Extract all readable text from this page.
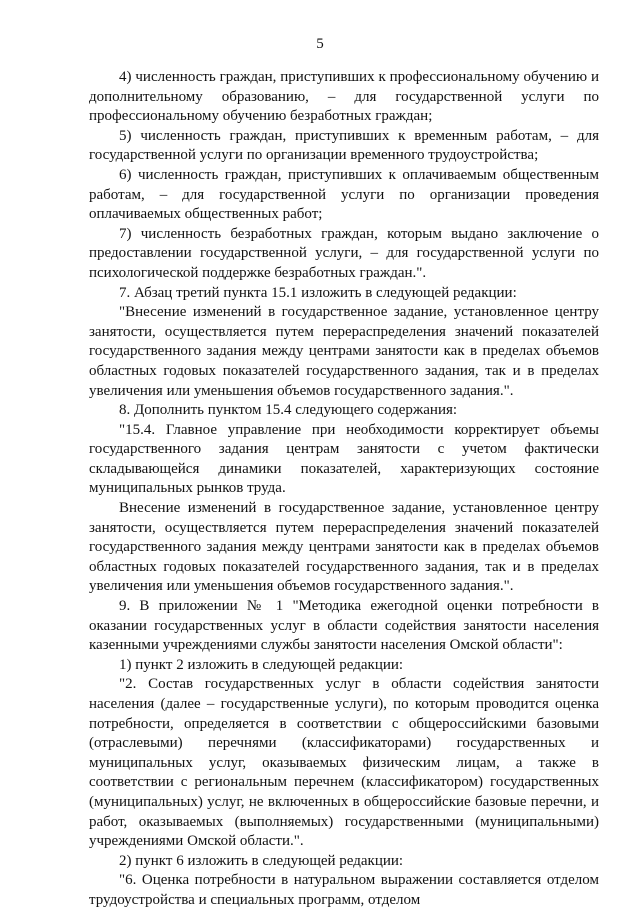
5

4) численность граждан, приступивших к профессиональному обучению и дополнительному образованию, – для государственной услуги по профессиональному обучению безработных граждан;

5) численность граждан, приступивших к временным работам, – для государственной услуги по организации временного трудоустройства;

6) численность граждан, приступивших к оплачиваемым общественным работам, – для государственной услуги по организации проведения оплачиваемых общественных работ;

7) численность безработных граждан, которым выдано заключение о предоставлении государственной услуги, – для государственной услуги по психологической поддержке безработных граждан.".

7. Абзац третий пункта 15.1 изложить в следующей редакции:

"Внесение изменений в государственное задание, установленное центру занятости, осуществляется путем перераспределения значений показателей государственного задания между центрами занятости как в пределах объемов областных годовых показателей государственного задания, так и в пределах увеличения или уменьшения объемов государственного задания.".

8. Дополнить пунктом 15.4 следующего содержания:

"15.4. Главное управление при необходимости корректирует объемы государственного задания центрам занятости с учетом фактически складывающейся динамики показателей, характеризующих состояние муниципальных рынков труда.

Внесение изменений в государственное задание, установленное центру занятости, осуществляется путем перераспределения значений показателей государственного задания между центрами занятости как в пределах объемов областных годовых показателей государственного задания, так и в пределах увеличения или уменьшения объемов государственного задания.".

9. В приложении № 1 "Методика ежегодной оценки потребности в оказании государственных услуг в области содействия занятости населения казенными учреждениями службы занятости населения Омской области":

1) пункт 2 изложить в следующей редакции:

"2. Состав государственных услуг в области содействия занятости населения (далее – государственные услуги), по которым проводится оценка потребности, определяется в соответствии с общероссийскими базовыми (отраслевыми) перечнями (классификаторами) государственных и муниципальных услуг, оказываемых физическим лицам, а также в соответствии с региональным перечнем (классификатором) государственных (муниципальных) услуг, не включенных в общероссийские базовые перечни, и работ, оказываемых (выполняемых) государственными (муниципальными) учреждениями Омской области.".

2) пункт 6 изложить в следующей редакции:

"6. Оценка потребности в натуральном выражении составляется отделом трудоустройства и специальных программ, отделом
